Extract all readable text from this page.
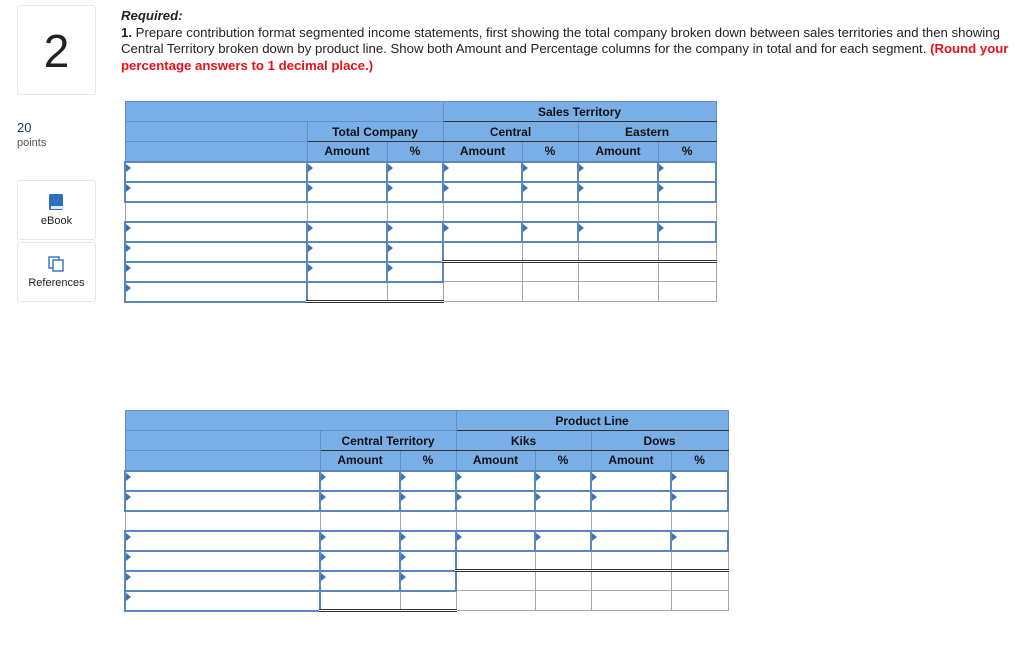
2
20
points
eBook
References
Required:
1. Prepare contribution format segmented income statements, first showing the total company broken down between sales territories and then showing Central Territory broken down by product line. Show both Amount and Percentage columns for the company in total and for each segment. (Round your percentage answers to 1 decimal place.)
			Sales Territory			
	Total Company		Central		Eastern	
	Amount	%	Amount	%	Amount	%

			Product Line			
	Central Territory		Kiks		Dows	
	Amount	%	Amount	%	Amount	%
